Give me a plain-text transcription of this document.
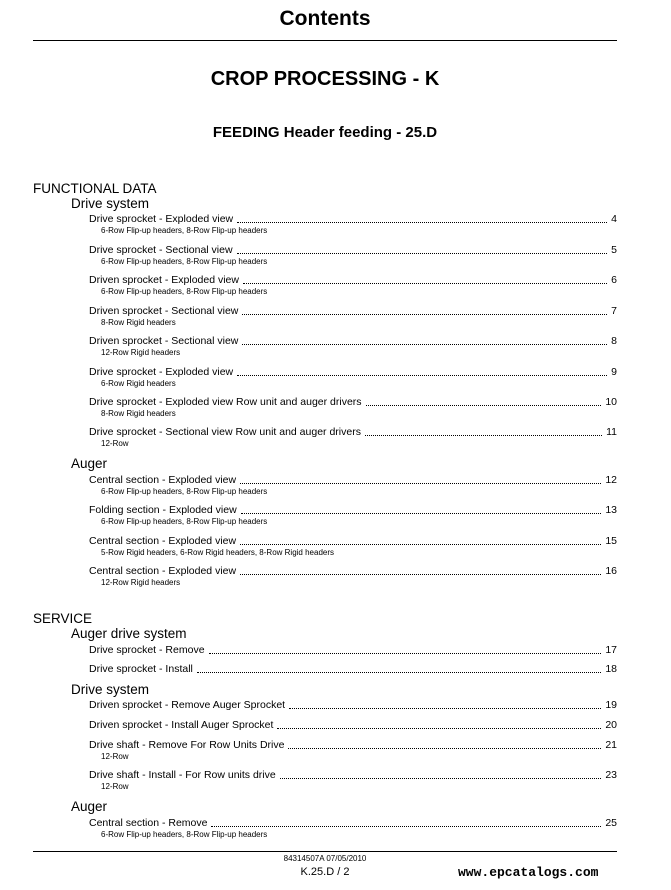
Contents
CROP PROCESSING - K
FEEDING Header feeding - 25.D
FUNCTIONAL DATA
Drive system
Drive sprocket - Exploded view	4
6-Row Flip-up headers, 8-Row Flip-up headers
Drive sprocket - Sectional view	5
6-Row Flip-up headers, 8-Row Flip-up headers
Driven sprocket - Exploded view	6
6-Row Flip-up headers, 8-Row Flip-up headers
Driven sprocket - Sectional view	7
8-Row Rigid headers
Driven sprocket - Sectional view	8
12-Row Rigid headers
Drive sprocket - Exploded view	9
6-Row Rigid headers
Drive sprocket - Exploded view Row unit and auger drivers	10
8-Row Rigid headers
Drive sprocket - Sectional view Row unit and auger drivers	11
12-Row
Auger
Central section - Exploded view	12
6-Row Flip-up headers, 8-Row Flip-up headers
Folding section - Exploded view	13
6-Row Flip-up headers, 8-Row Flip-up headers
Central section - Exploded view	15
5-Row Rigid headers, 6-Row Rigid headers, 8-Row Rigid headers
Central section - Exploded view	16
12-Row Rigid headers
SERVICE
Auger drive system
Drive sprocket - Remove	17
Drive sprocket - Install	18
Drive system
Driven sprocket - Remove Auger Sprocket	19
Driven sprocket - Install Auger Sprocket	20
Drive shaft - Remove For Row Units Drive	21
12-Row
Drive shaft - Install - For Row units drive	23
12-Row
Auger
Central section - Remove	25
6-Row Flip-up headers, 8-Row Flip-up headers
84314507A 07/05/2010
K.25.D / 2	www.epcatalogs.com
